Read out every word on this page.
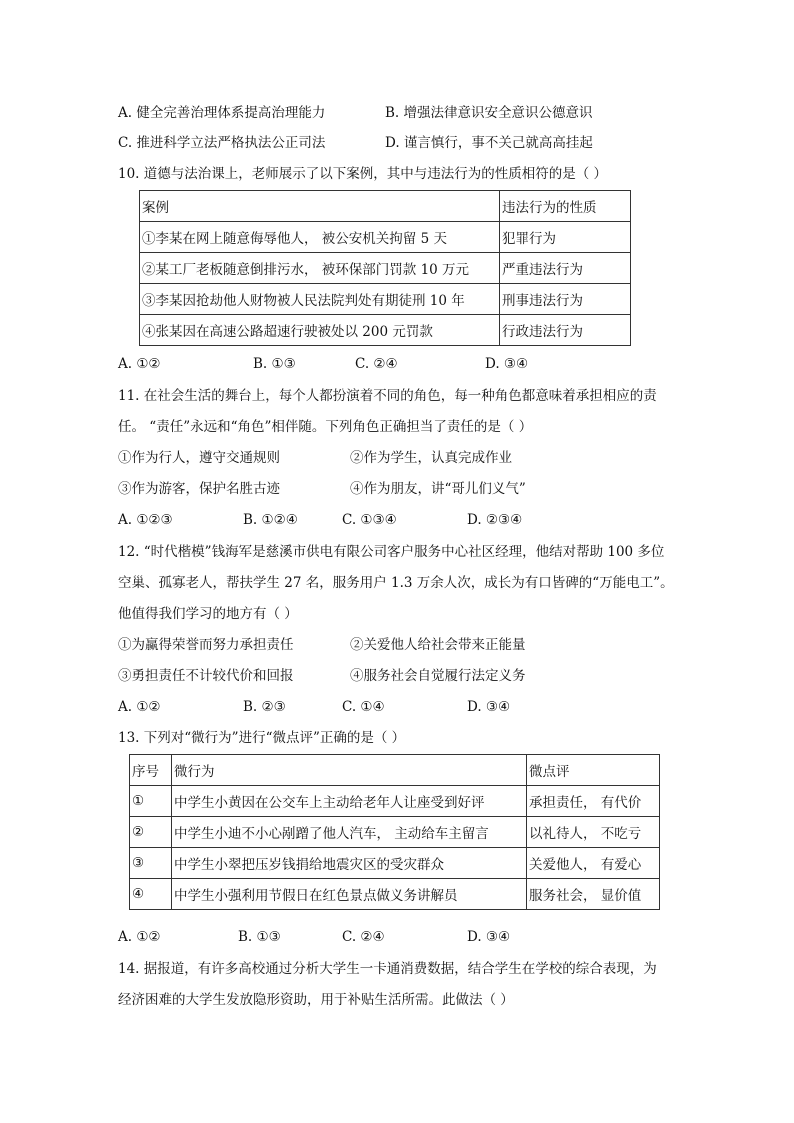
A. 健全完善治理体系提高治理能力	B. 增强法律意识安全意识公德意识
C. 推进科学立法严格执法公正司法	D. 谨言慎行，事不关己就高高挂起
10. 道德与法治课上，老师展示了以下案例，其中与违法行为的性质相符的是（ ）
案例	违法行为的性质
①李某在网上随意侮辱他人， 被公安机关拘留 5 天	犯罪行为
②某工厂老板随意倒排污水， 被环保部门罚款 10 万元	严重违法行为
③李某因抢劫他人财物被人民法院判处有期徒刑 10 年	刑事违法行为
④张某因在高速公路超速行驶被处以 200 元罚款	行政违法行为
A. ①②	B. ①③	C. ②④	D. ③④
11. 在社会生活的舞台上，每个人都扮演着不同的角色，每一种角色都意味着承担相应的责
任。 “责任”永远和“角色”相伴随。下列角色正确担当了责任的是（ ）
①作为行人，遵守交通规则	②作为学生，认真完成作业
③作为游客，保护名胜古迹	④作为朋友，讲“哥儿们义气”
A. ①②③	B. ①②④	C. ①③④	D. ②③④
12. “时代楷模”钱海军是慈溪市供电有限公司客户服务中心社区经理，他结对帮助 100 多位
空巢、孤寡老人，帮扶学生 27 名，服务用户 1.3 万余人次，成长为有口皆碑的“万能电工”。
他值得我们学习的地方有（ ）
①为赢得荣誉而努力承担责任	②关爱他人给社会带来正能量
③勇担责任不计较代价和回报	④服务社会自觉履行法定义务
A. ①②	B. ②③	C. ①④	D. ③④
13. 下列对“微行为”进行“微点评”正确的是（ ）
序号	微行为	微点评
①	中学生小黄因在公交车上主动给老年人让座受到好评	承担责任， 有代价
②	中学生小迪不小心剐蹭了他人汽车， 主动给车主留言	以礼待人， 不吃亏
③	中学生小翠把压岁钱捐给地震灾区的受灾群众	关爱他人， 有爱心
④	中学生小强利用节假日在红色景点做义务讲解员	服务社会， 显价值
A. ①②	B. ①③	C. ②④	D. ③④
14. 据报道，有许多高校通过分析大学生一卡通消费数据，结合学生在学校的综合表现，为
经济困难的大学生发放隐形资助，用于补贴生活所需。此做法（ ）
